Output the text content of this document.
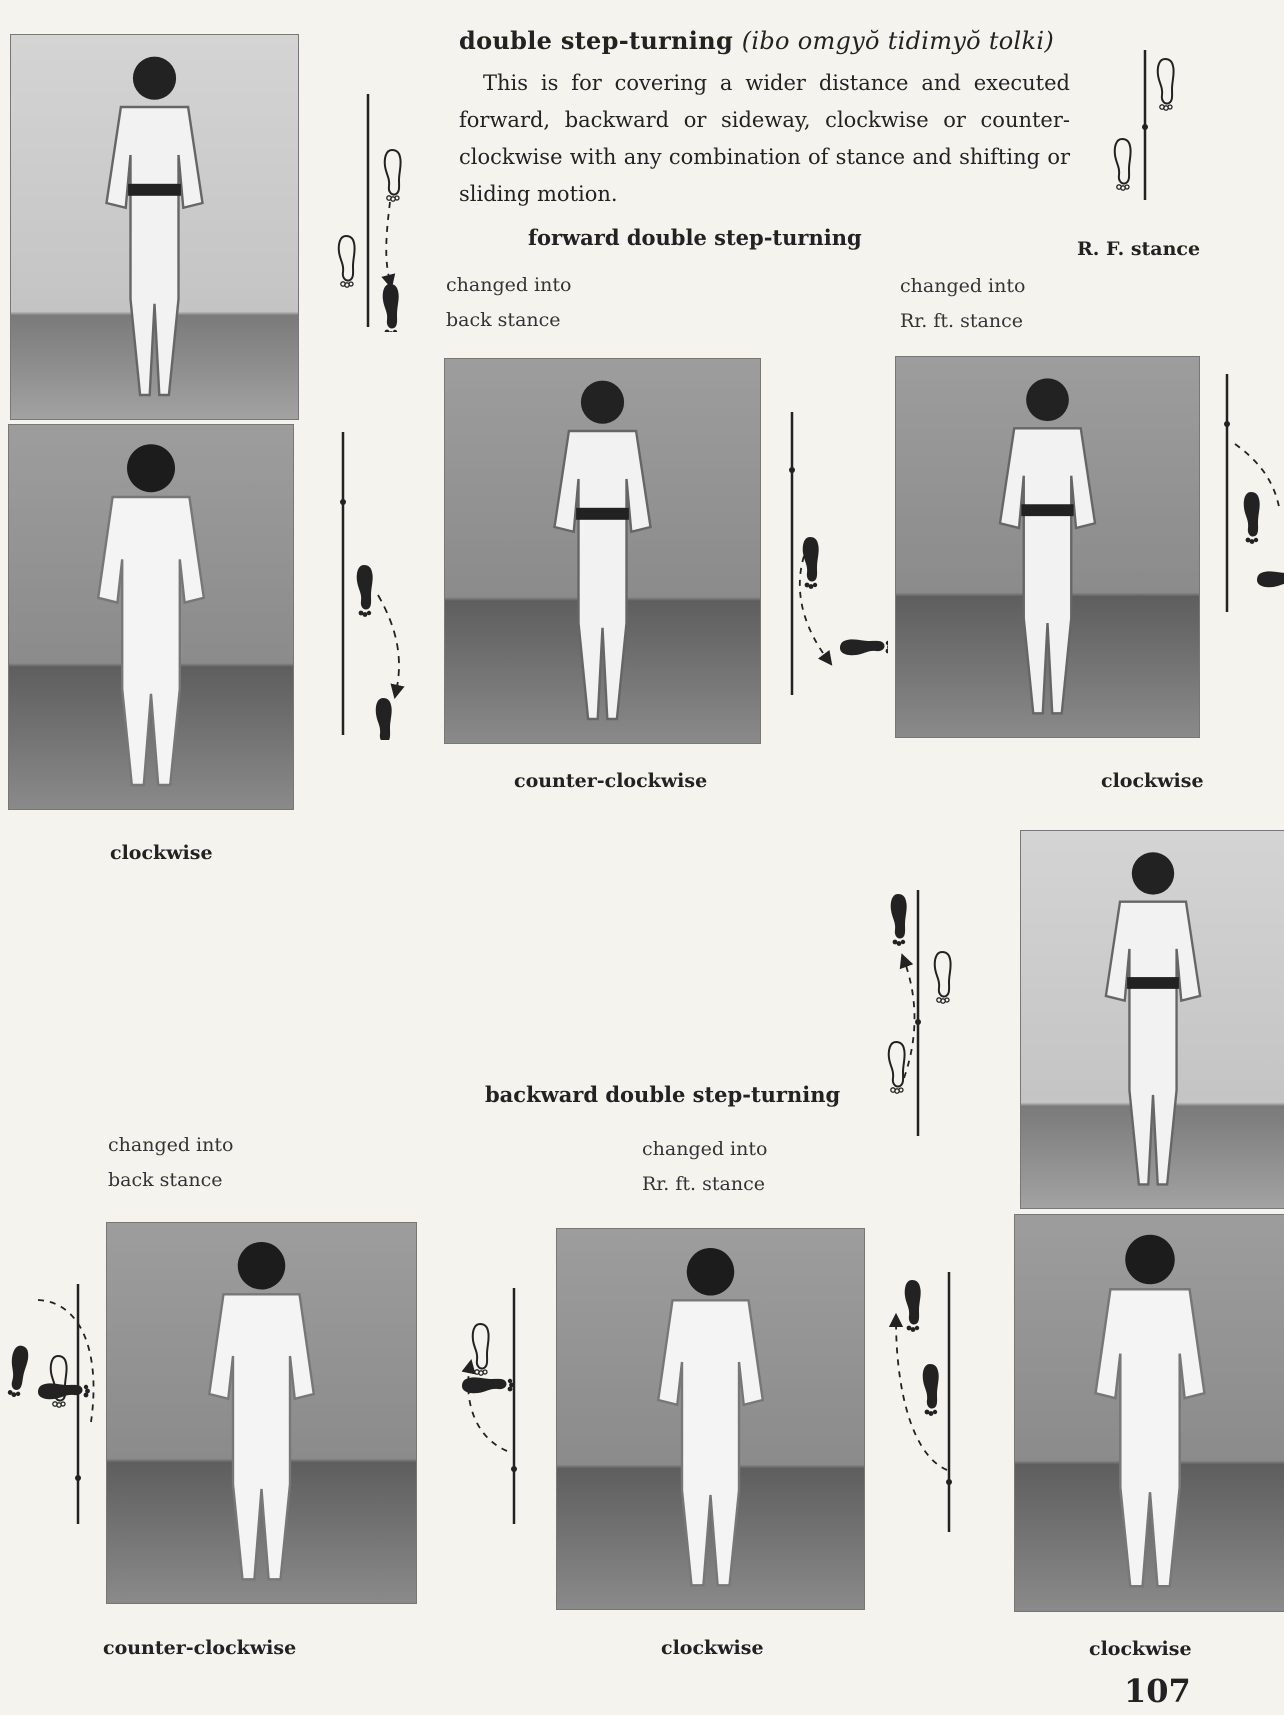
double step-turning (ibo omgyŏ tidimyŏ tolki)
This is for covering a wider distance and executed forward, backward or sideway, clockwise or counter-clockwise with any combination of stance and shifting or sliding motion.
R. F. stance
forward double step-turning
changed into
back stance
changed into
Rr. ft. stance
clockwise
counter-clockwise	clockwise
backward double step-turning
changed into
back stance
changed into
Rr. ft. stance
counter-clockwise	clockwise	clockwise
107
